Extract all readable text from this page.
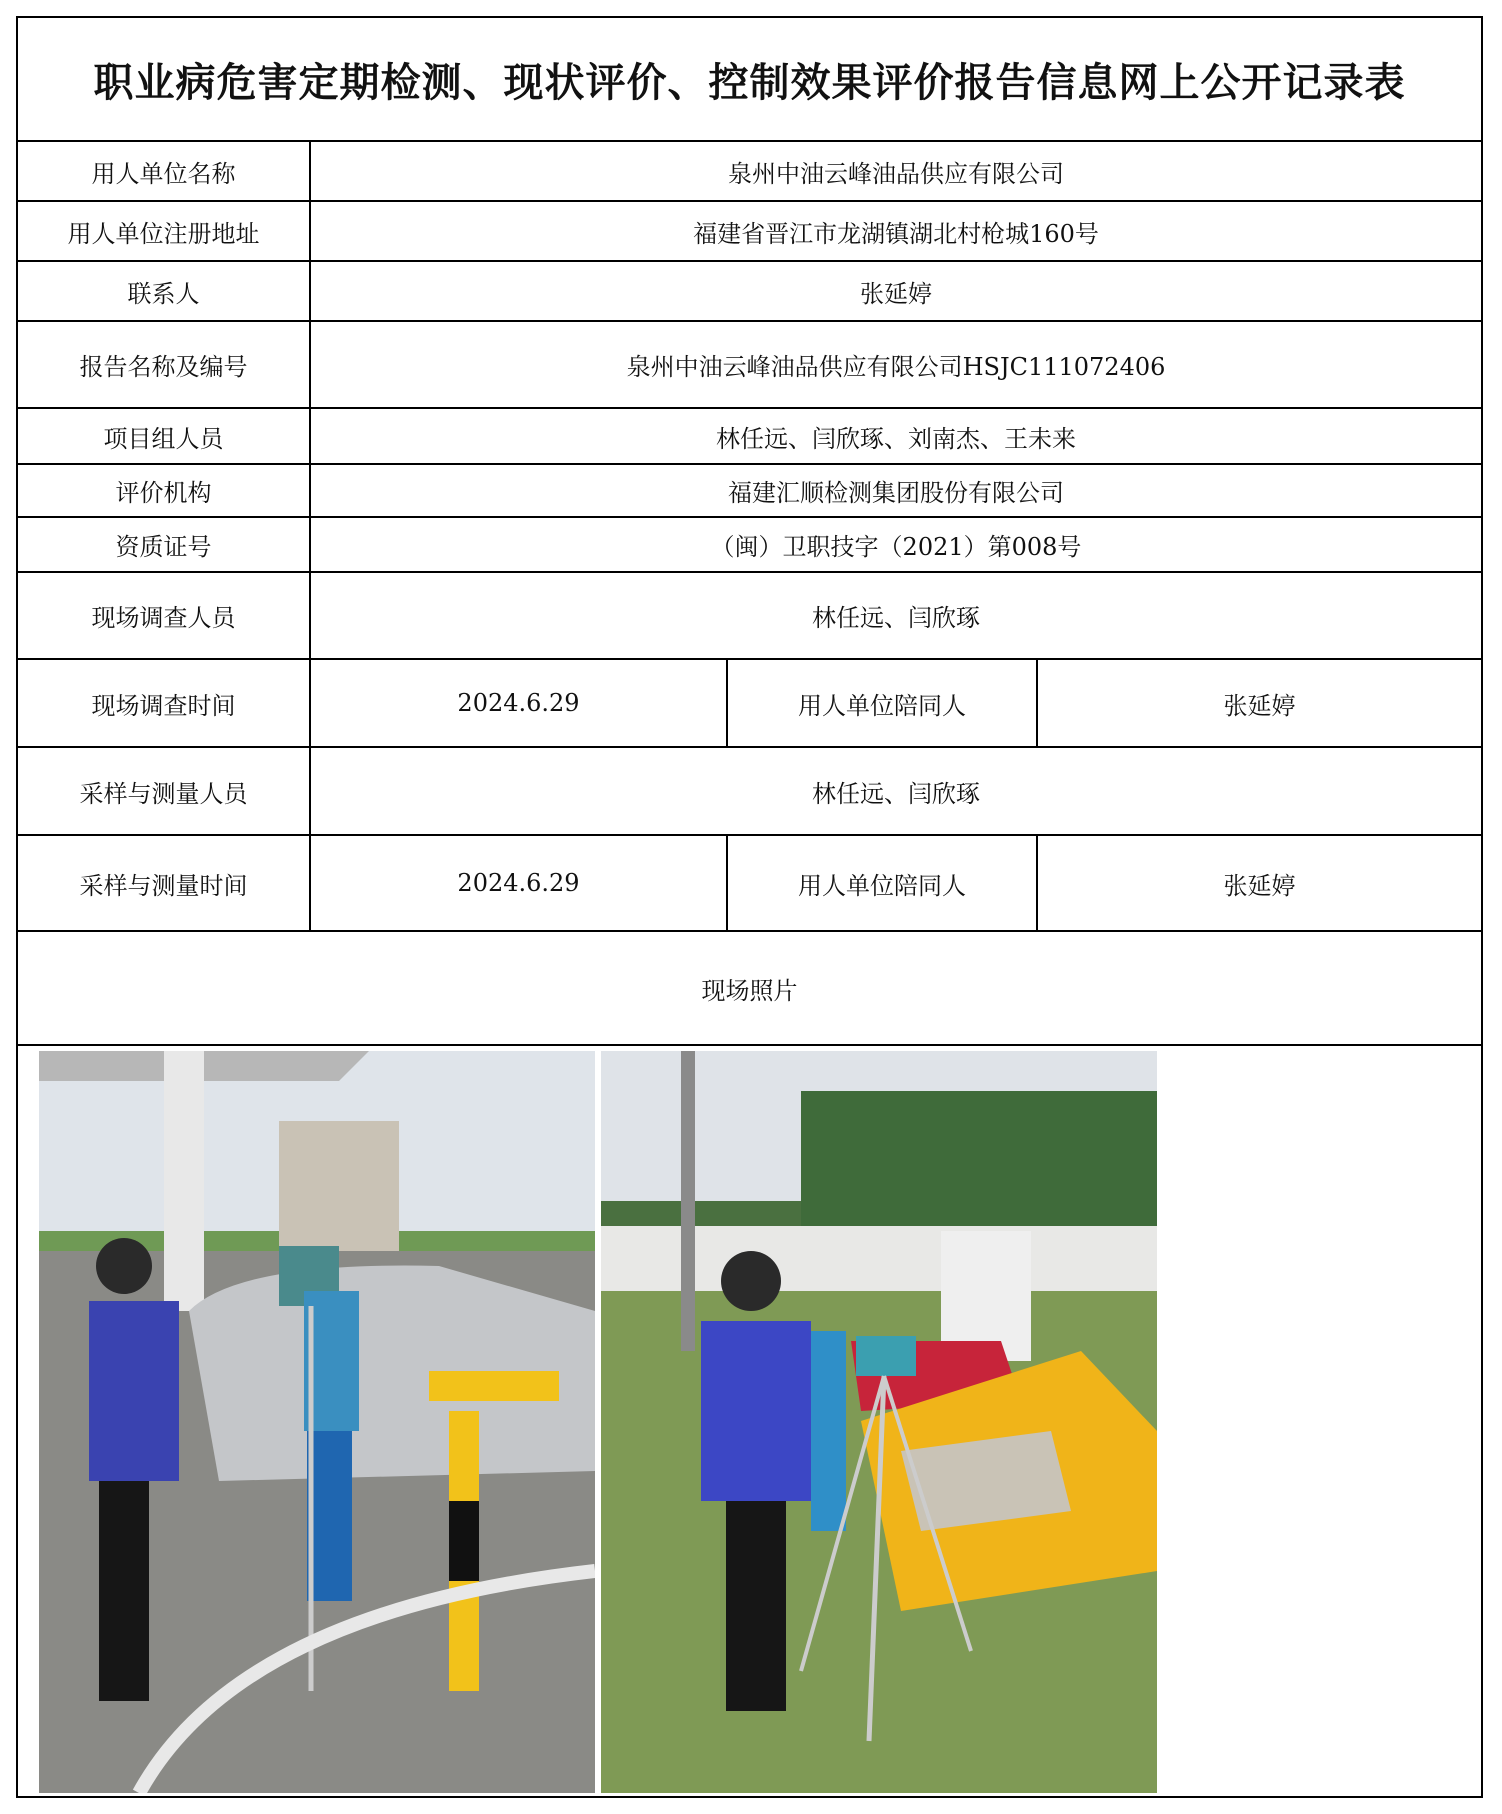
职业病危害定期检测、现状评价、控制效果评价报告信息网上公开记录表
用人单位名称	泉州中油云峰油品供应有限公司
用人单位注册地址	福建省晋江市龙湖镇湖北村枪城160号
联系人	张延婷
报告名称及编号	泉州中油云峰油品供应有限公司HSJC111072406
项目组人员	林任远、闫欣琢、刘南杰、王未来
评价机构	福建汇顺检测集团股份有限公司
资质证号	（闽）卫职技字（2021）第008号
现场调查人员	林任远、闫欣琢
现场调查时间	2024.6.29	用人单位陪同人	张延婷
采样与测量人员	林任远、闫欣琢
采样与测量时间	2024.6.29	用人单位陪同人	张延婷
现场照片
